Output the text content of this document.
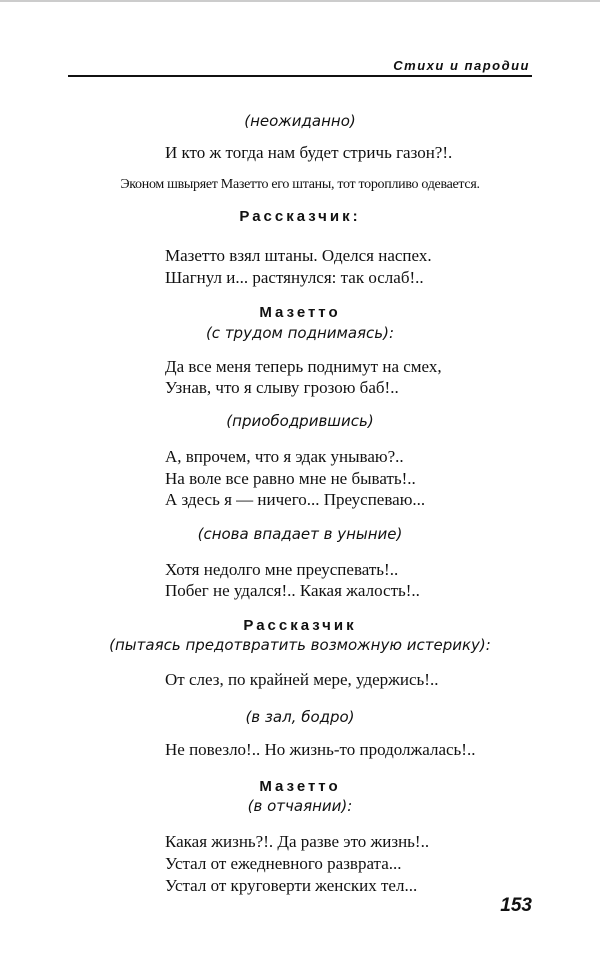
Стихи и пародии
(неожиданно)
И кто ж тогда нам будет стричь газон?!.
Эконом швыряет Мазетто его штаны, тот торопливо одевается.
Рассказчик:
Мазетто взял штаны. Оделся наспех.
Шагнул и... растянулся: так ослаб!..
Мазетто
(с трудом поднимаясь):
Да все меня теперь поднимут на смех,
Узнав, что я слыву грозою баб!..
(приободрившись)
А, впрочем, что я эдак унываю?..
На воле все равно мне не бывать!..
А здесь я — ничего... Преуспеваю...
(снова впадает в уныние)
Хотя недолго мне преуспевать!..
Побег не удался!.. Какая жалость!..
Рассказчик
(пытаясь предотвратить возможную истерику):
От слез, по крайней мере, удержись!..
(в зал, бодро)
Не повезло!.. Но жизнь-то продолжалась!..
Мазетто
(в отчаянии):
Какая жизнь?!. Да разве это жизнь!..
Устал от ежедневного разврата...
Устал от круговерти женских тел...
153
